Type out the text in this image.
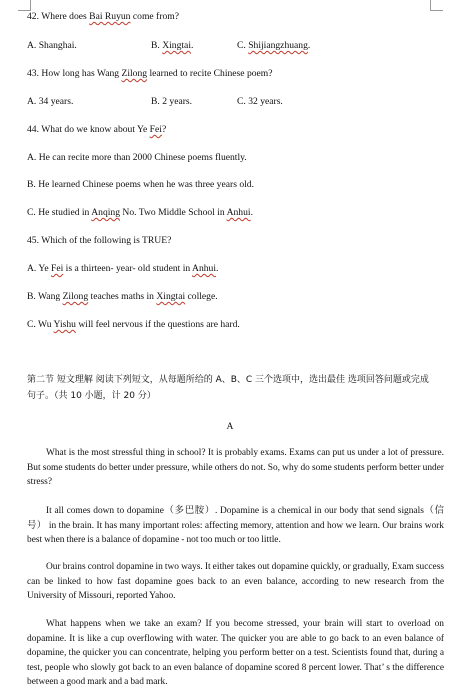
42. Where does Bai Ruyun come from?
A. Shanghai.	B. Xingtai.	C. Shijiangzhuang.
43. How long has Wang Zilong learned to recite Chinese poem?
A. 34 years.	B. 2 years.	C. 32 years.
44. What do we know about Ye Fei?
A. He can recite more than 2000 Chinese poems fluently.
B. He learned Chinese poems when he was three years old.
C. He studied in Anqing No. Two Middle School in Anhui.
45. Which of the following is TRUE?
A. Ye Fei is a thirteen- year- old student in Anhui.
B. Wang Zilong teaches maths in Xingtai college.
C. Wu Yishu will feel nervous if the questions are hard.
第二节 短文理解 阅读下列短文，从每题所给的 A、B、C 三个选项中，选出最佳 选项回答问题或完成句子。（共 10 小题，计 20 分）
A
What is the most stressful thing in school? It is probably exams. Exams can put us under a lot of pressure. But some students do better under pressure, while others do not. So, why do some students perform better under stress?
It all comes down to dopamine（多巴胺）. Dopamine is a chemical in our body that send signals（信号） in the brain. It has many important roles: affecting memory, attention and how we learn. Our brains work best when there is a balance of dopamine - not too much or too little.
Our brains control dopamine in two ways. It either takes out dopamine quickly, or gradually, Exam success can be linked to how fast dopamine goes back to an even balance, according to new research from the University of Missouri, reported Yahoo.
What happens when we take an exam? If you become stressed, your brain will start to overload on dopamine. It is like a cup overflowing with water. The quicker you are able to go back to an even balance of dopamine, the quicker you can concentrate, helping you perform better on a test. Scientists found that, during a test, people who slowly got back to an even balance of dopamine scored 8 percent lower. That’ s the difference between a good mark and a bad mark.
